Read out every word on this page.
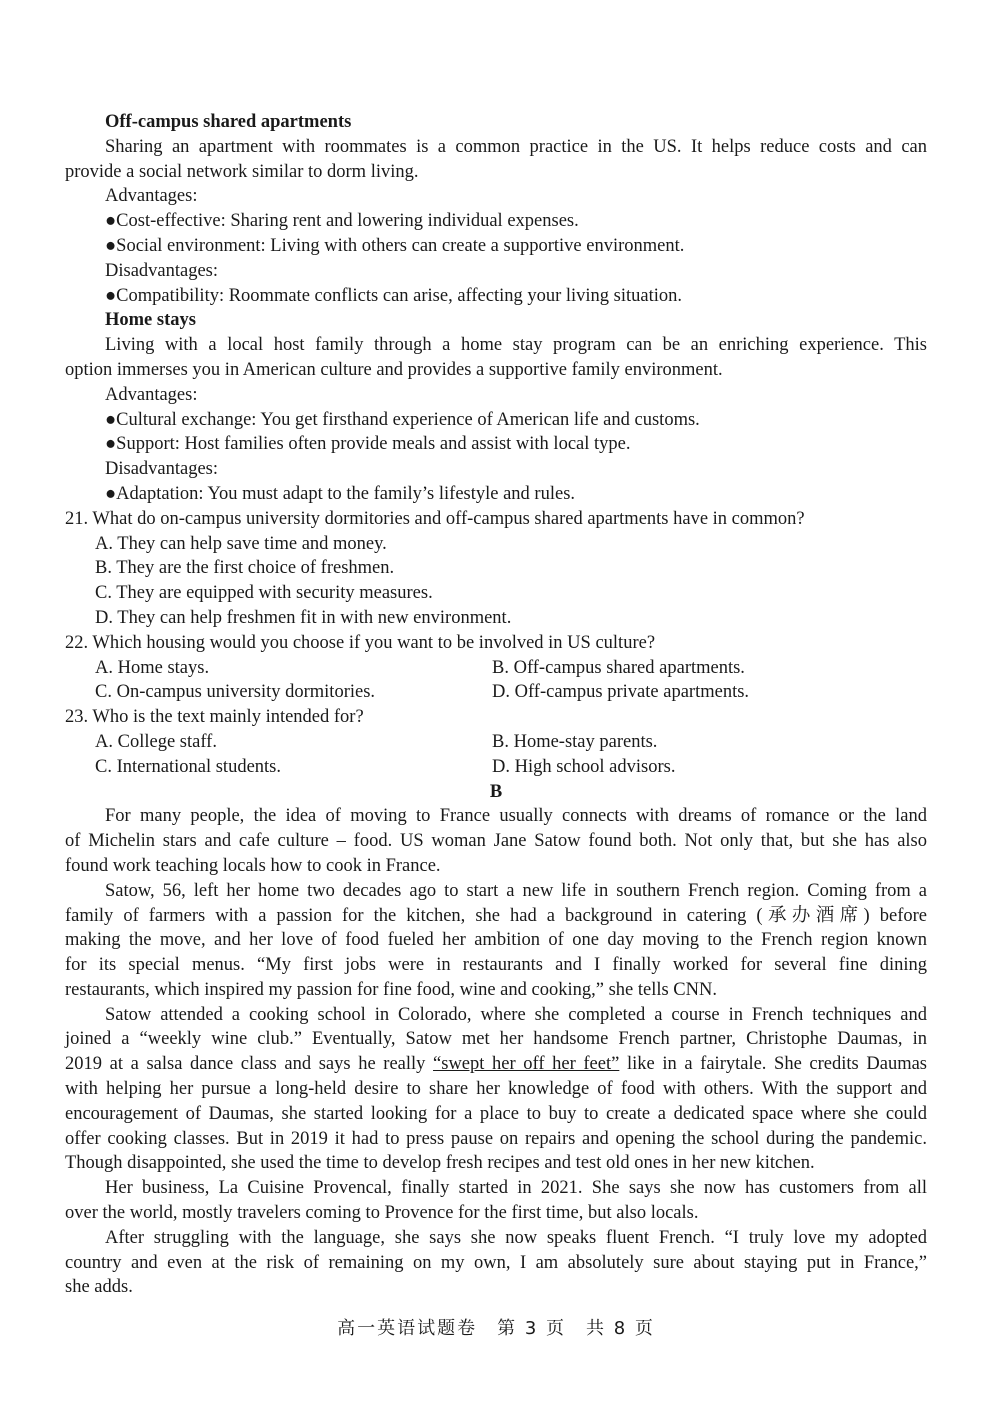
Off-campus shared apartments
Sharing an apartment with roommates is a common practice in the US. It helps reduce costs and can
provide a social network similar to dorm living.
Advantages:
●Cost-effective: Sharing rent and lowering individual expenses.
●Social environment: Living with others can create a supportive environment.
Disadvantages:
●Compatibility: Roommate conflicts can arise, affecting your living situation.
Home stays
Living with a local host family through a home stay program can be an enriching experience. This
option immerses you in American culture and provides a supportive family environment.
Advantages:
●Cultural exchange: You get firsthand experience of American life and customs.
●Support: Host families often provide meals and assist with local type.
Disadvantages:
●Adaptation: You must adapt to the family’s lifestyle and rules.
21. What do on-campus university dormitories and off-campus shared apartments have in common?
A. They can help save time and money.
B. They are the first choice of freshmen.
C. They are equipped with security measures.
D. They can help freshmen fit in with new environment.
22. Which housing would you choose if you want to be involved in US culture?
A. Home stays.	B. Off-campus shared apartments.
C. On-campus university dormitories.	D. Off-campus private apartments.
23. Who is the text mainly intended for?
A. College staff.	B. Home-stay parents.
C. International students.	D. High school advisors.
B
For many people, the idea of moving to France usually connects with dreams of romance or the land
of Michelin stars and cafe culture – food. US woman Jane Satow found both. Not only that, but she has also
found work teaching locals how to cook in France.
Satow, 56, left her home two decades ago to start a new life in southern French region. Coming from a
family of farmers with a passion for the kitchen, she had a background in catering (承办酒席) before
making the move, and her love of food fueled her ambition of one day moving to the French region known
for its special menus. “My first jobs were in restaurants and I finally worked for several fine dining
restaurants, which inspired my passion for fine food, wine and cooking,” she tells CNN.
Satow attended a cooking school in Colorado, where she completed a course in French techniques and
joined a “weekly wine club.” Eventually, Satow met her handsome French partner, Christophe Daumas, in
2019 at a salsa dance class and says he really “swept her off her feet” like in a fairytale. She credits Daumas
with helping her pursue a long-held desire to share her knowledge of food with others. With the support and
encouragement of Daumas, she started looking for a place to buy to create a dedicated space where she could
offer cooking classes. But in 2019 it had to press pause on repairs and opening the school during the pandemic.
Though disappointed, she used the time to develop fresh recipes and test old ones in her new kitchen.
Her business, La Cuisine Provencal, finally started in 2021. She says she now has customers from all
over the world, mostly travelers coming to Provence for the first time, but also locals.
After struggling with the language, she says she now speaks fluent French. “I truly love my adopted
country and even at the risk of remaining on my own, I am absolutely sure about staying put in France,”
she adds.
高一英语试题卷　第 3 页　共 8 页
